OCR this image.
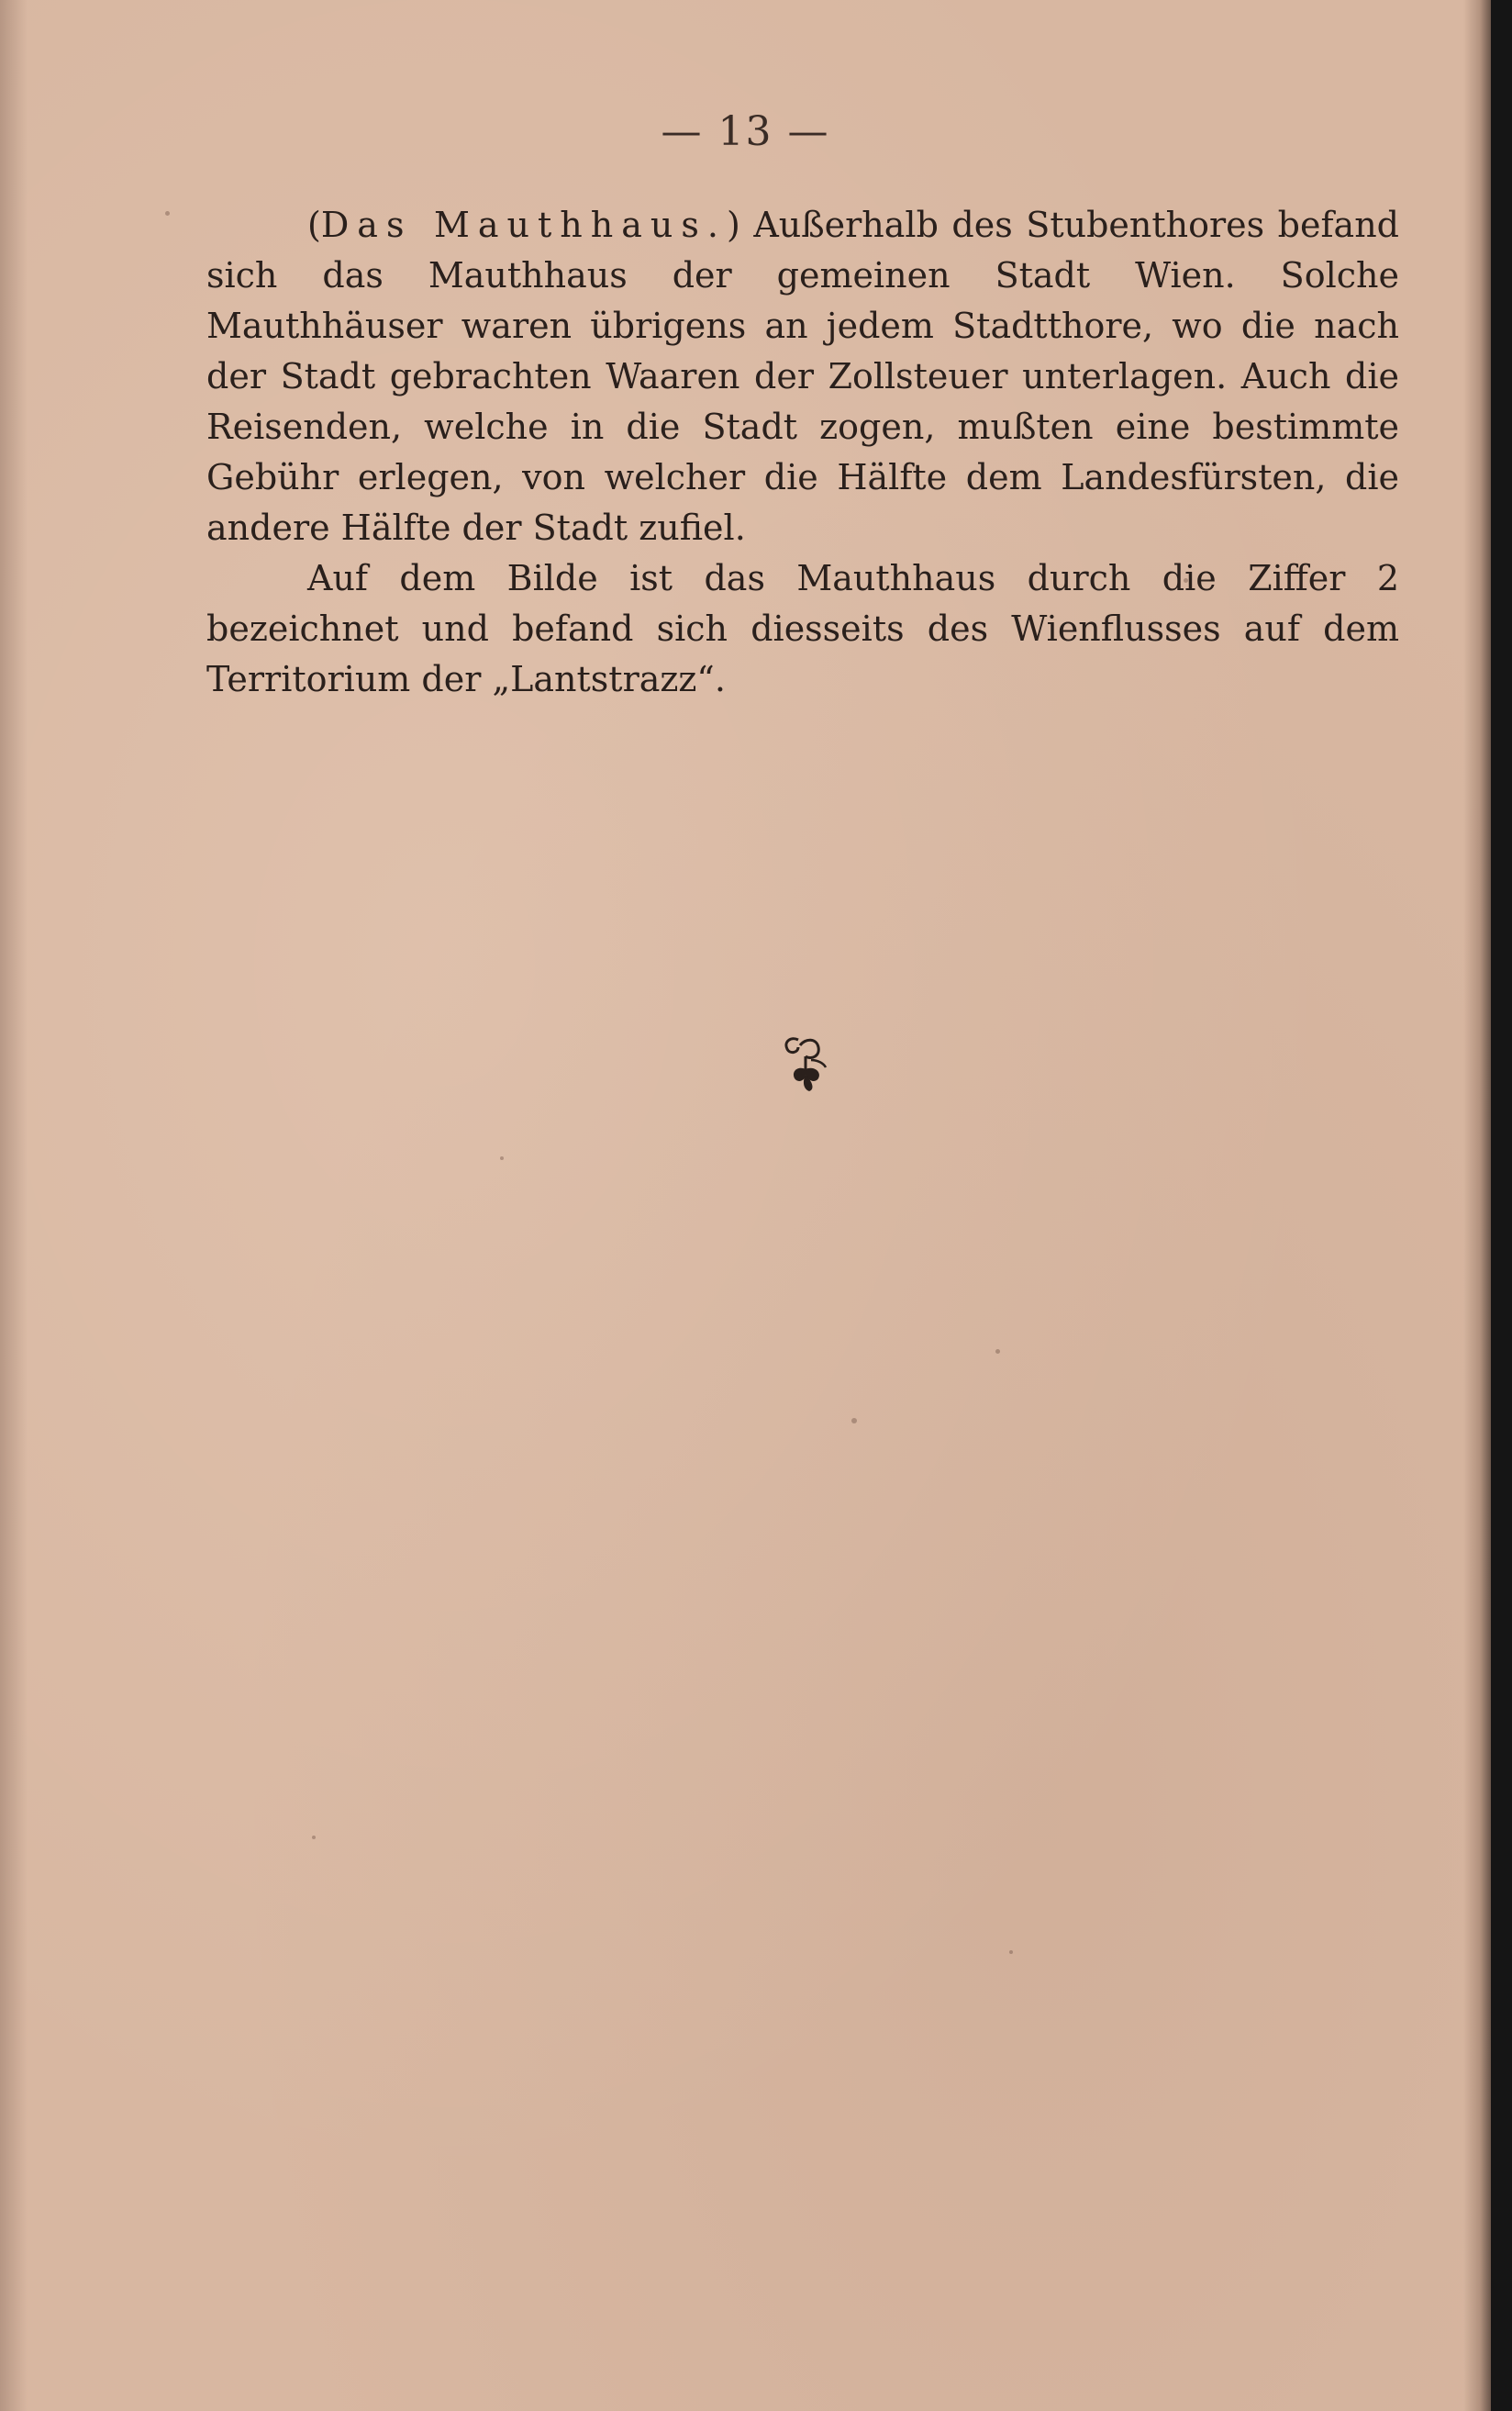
— 13 —

(Das Mauthhaus.) Außerhalb des Stubenthores befand sich das Mauthhaus der gemeinen Stadt Wien. Solche Mauthhäuser waren übrigens an jedem Stadtthore, wo die nach der Stadt gebrachten Waaren der Zollsteuer unterlagen. Auch die Reisenden, welche in die Stadt zogen, mußten eine bestimmte Gebühr erlegen, von welcher die Hälfte dem Landesfürsten, die andere Hälfte der Stadt zufiel.

Auf dem Bilde ist das Mauthhaus durch die Ziffer 2 bezeichnet und befand sich diesseits des Wienflusses auf dem Territorium der „Lantstrazz“.
